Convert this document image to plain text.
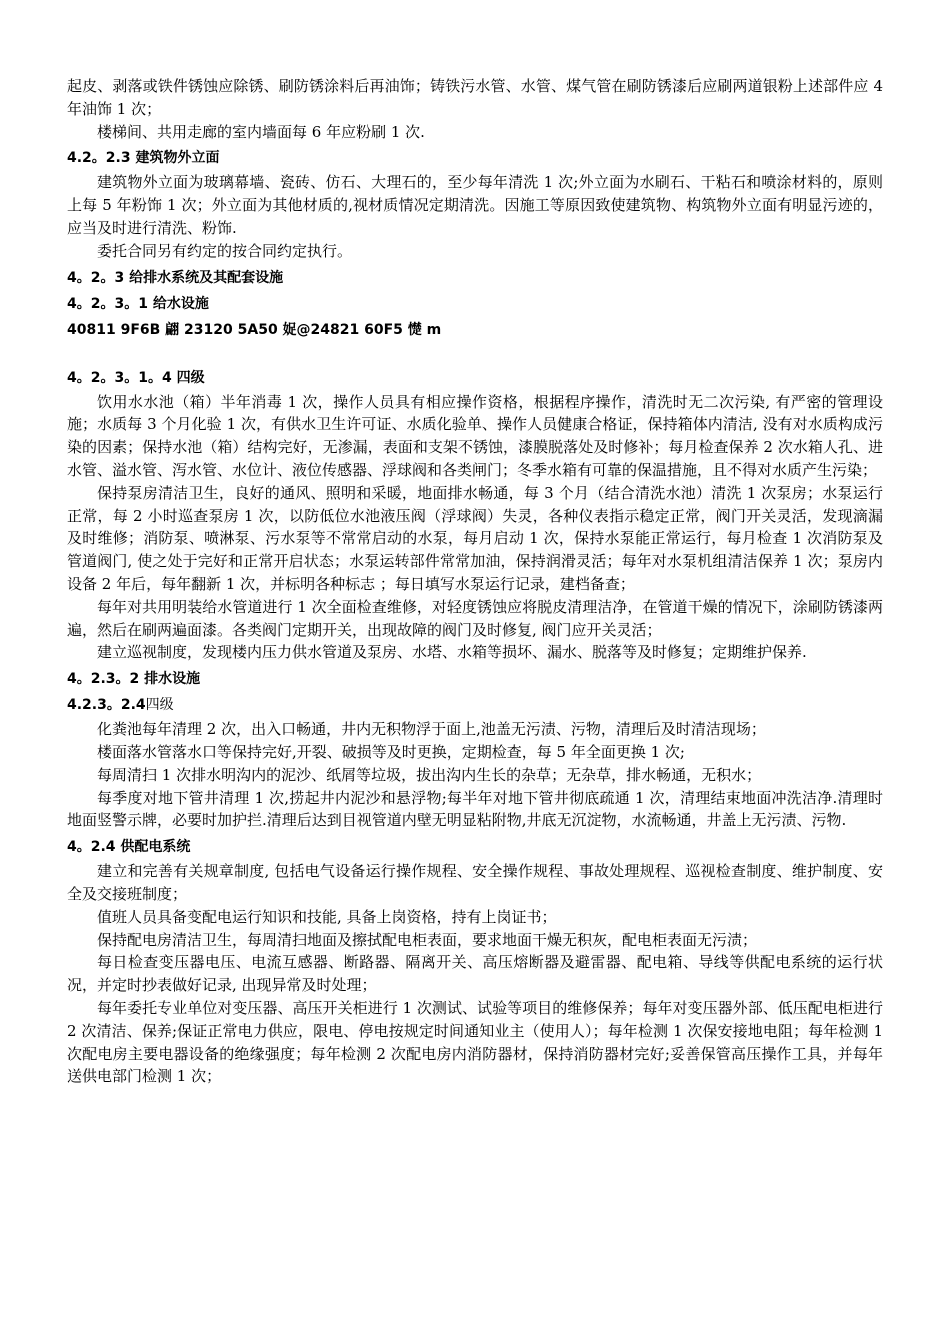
起皮、剥落或铁件锈蚀应除锈、刷防锈涂料后再油饰；铸铁污水管、水管、煤气管在刷防锈漆后应刷两道银粉上述部件应 4 年油饰 1 次；

楼梯间、共用走廊的室内墙面每 6 年应粉刷 1 次.

4.2。2.3 建筑物外立面

建筑物外立面为玻璃幕墙、瓷砖、仿石、大理石的，至少每年清洗 1 次;外立面为水刷石、干粘石和喷涂材料的，原则上每 5 年粉饰 1 次；外立面为其他材质的,视材质情况定期清洗。因施工等原因致使建筑物、构筑物外立面有明显污迹的，应当及时进行清洗、粉饰.

委托合同另有约定的按合同约定执行。

4。2。3 给排水系统及其配套设施
4。2。3。1 给水设施
40811 9F6B 翩 23120 5A50 娖@24821 60F5 憷 m
4。2。3。1。4 四级

饮用水水池（箱）半年消毒 1 次，操作人员具有相应操作资格，根据程序操作，清洗时无二次污染, 有严密的管理设施；水质每 3 个月化验 1 次，有供水卫生许可证、水质化验单、操作人员健康合格证，保持箱体内清洁, 没有对水质构成污染的因素；保持水池（箱）结构完好，无渗漏，表面和支架不锈蚀，漆膜脱落处及时修补；每月检查保养 2 次水箱人孔、进水管、溢水管、泻水管、水位计、液位传感器、浮球阀和各类闸门；冬季水箱有可靠的保温措施，且不得对水质产生污染；

保持泵房清洁卫生，良好的通风、照明和采暖，地面排水畅通，每 3 个月（结合清洗水池）清洗 1 次泵房；水泵运行正常，每 2 小时巡查泵房 1 次，以防低位水池液压阀（浮球阀）失灵，各种仪表指示稳定正常，阀门开关灵活，发现滴漏及时维修；消防泵、喷淋泵、污水泵等不常常启动的水泵，每月启动 1 次，保持水泵能正常运行，每月检查 1 次消防泵及管道阀门, 使之处于完好和正常开启状态；水泵运转部件常常加油，保持润滑灵活；每年对水泵机组清洁保养 1 次；泵房内设备 2 年后，每年翻新 1 次，并标明各种标志 ；每日填写水泵运行记录，建档备查；

每年对共用明装给水管道进行 1 次全面检查维修，对轻度锈蚀应将脱皮清理洁净，在管道干燥的情况下，涂刷防锈漆两遍，然后在刷两遍面漆。各类阀门定期开关，出现故障的阀门及时修复, 阀门应开关灵活；

建立巡视制度，发现楼内压力供水管道及泵房、水塔、水箱等损坏、漏水、脱落等及时修复；定期维护保养.

4。2.3。2 排水设施
4.2.3。2.4四级

化粪池每年清理 2 次，出入口畅通，井内无积物浮于面上,池盖无污渍、污物，清理后及时清洁现场；

楼面落水管落水口等保持完好,开裂、破损等及时更换，定期检查，每 5 年全面更换 1 次;

每周清扫 1 次排水明沟内的泥沙、纸屑等垃圾，拔出沟内生长的杂草；无杂草，排水畅通，无积水；

每季度对地下管井清理 1 次,捞起井内泥沙和悬浮物;每半年对地下管井彻底疏通 1 次，清理结束地面冲洗洁净.清理时地面竖警示牌，必要时加护拦.清理后达到目视管道内壁无明显粘附物,井底无沉淀物，水流畅通，井盖上无污渍、污物.

4。2.4 供配电系统

建立和完善有关规章制度, 包括电气设备运行操作规程、安全操作规程、事故处理规程、巡视检查制度、维护制度、安全及交接班制度；

值班人员具备变配电运行知识和技能, 具备上岗资格，持有上岗证书；

保持配电房清洁卫生，每周清扫地面及擦拭配电柜表面，要求地面干燥无积灰，配电柜表面无污渍；

每日检查变压器电压、电流互感器、断路器、隔离开关、高压熔断器及避雷器、配电箱、导线等供配电系统的运行状况，并定时抄表做好记录, 出现异常及时处理；

每年委托专业单位对变压器、高压开关柜进行 1 次测试、试验等项目的维修保养；每年对变压器外部、低压配电柜进行 2 次清洁、保养;保证正常电力供应，限电、停电按规定时间通知业主（使用人）；每年检测 1 次保安接地电阻；每年检测 1 次配电房主要电器设备的绝缘强度；每年检测 2 次配电房内消防器材，保持消防器材完好;妥善保管高压操作工具，并每年送供电部门检测 1 次；
